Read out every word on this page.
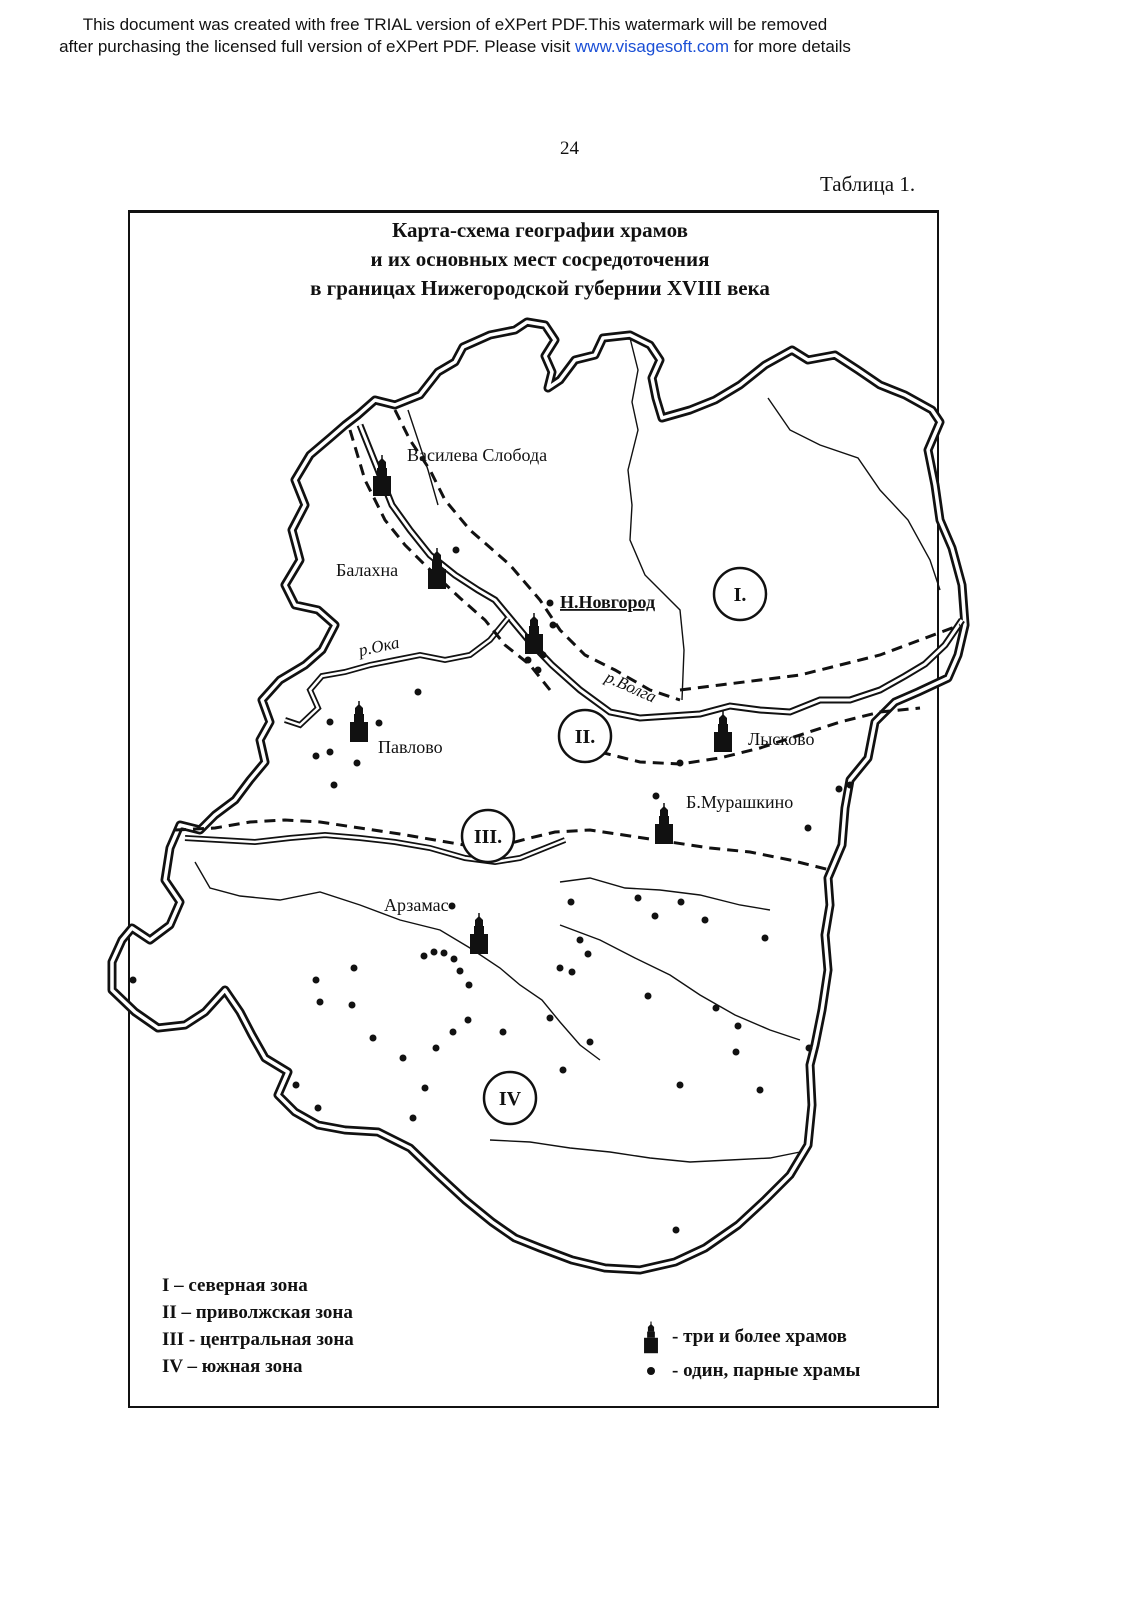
This document was created with free TRIAL version of eXPert PDF.This watermark will be removed
after purchasing the licensed full version of eXPert PDF. Please visit www.visagesoft.com for more details
24
Таблица 1.
Карта-схема географии храмов
и их основных мест сосредоточения
в границах Нижегородской губернии XVIII века
I.
II.
III.
IV
Василева Слобода
Балахна
Н.Новгород
Павлово	Лысково
Б.Мурашкино
Арзамас
р.Ока
р.Волга
I – северная зона
II – приволжская зона
III - центральная зона
IV – южная зона
- три и более храмов
- один, парные храмы
